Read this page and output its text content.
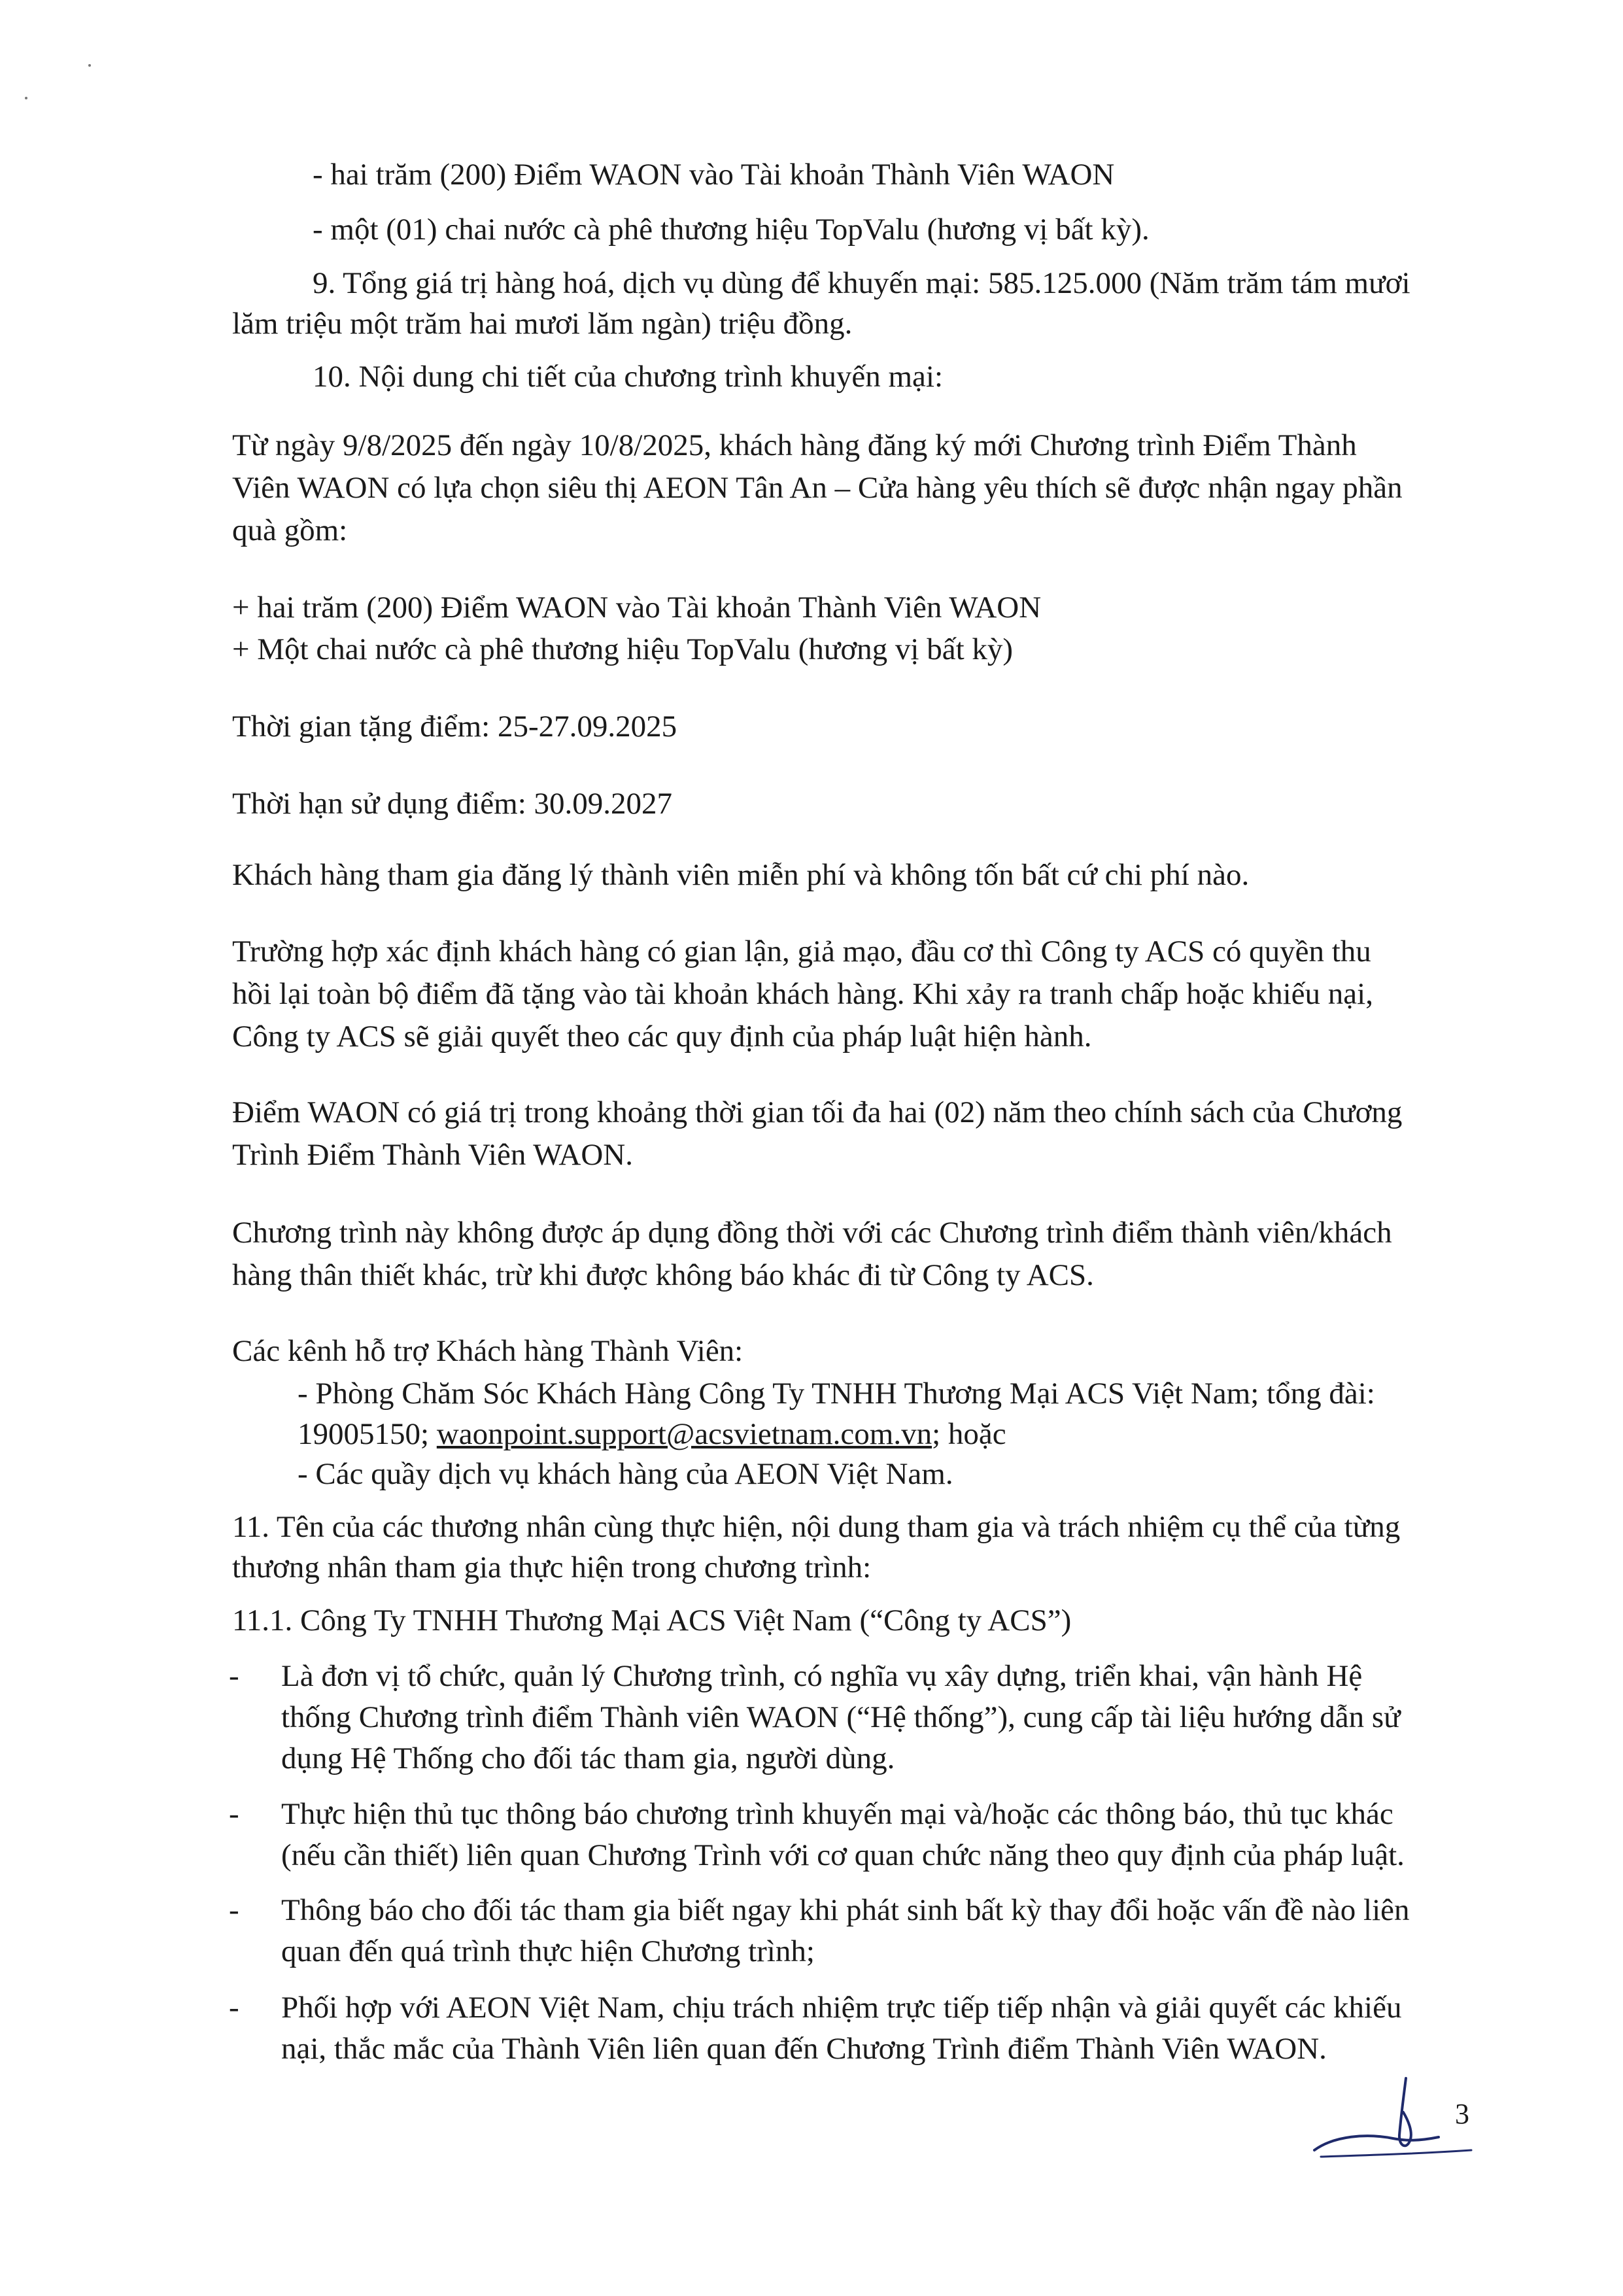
- hai trăm (200) Điểm WAON vào Tài khoản Thành Viên WAON

- một (01) chai nước cà phê thương hiệu TopValu (hương vị bất kỳ).

9. Tổng giá trị hàng hoá, dịch vụ dùng để khuyến mại: 585.125.000 (Năm trăm tám mươi

lăm triệu một trăm hai mươi lăm ngàn) triệu đồng.

10. Nội dung chi tiết của chương trình khuyến mại:

Từ ngày 9/8/2025 đến ngày 10/8/2025, khách hàng đăng ký mới Chương trình Điểm Thành

Viên WAON có lựa chọn siêu thị AEON Tân An – Cửa hàng yêu thích sẽ được nhận ngay phần

quà gồm:

+ hai trăm (200) Điểm WAON vào Tài khoản Thành Viên WAON

+ Một chai nước cà phê thương hiệu TopValu (hương vị bất kỳ)

Thời gian tặng điểm: 25-27.09.2025

Thời hạn sử dụng điểm: 30.09.2027

Khách hàng tham gia đăng lý thành viên miễn phí và không tốn bất cứ chi phí nào.

Trường hợp xác định khách hàng có gian lận, giả mạo, đầu cơ thì Công ty ACS có quyền thu

hồi lại toàn bộ điểm đã tặng vào tài khoản khách hàng. Khi xảy ra tranh chấp hoặc khiếu nại,

Công ty ACS sẽ giải quyết theo các quy định của pháp luật hiện hành.

Điểm WAON có giá trị trong khoảng thời gian tối đa hai (02) năm theo chính sách của Chương

Trình Điểm Thành Viên WAON.

Chương trình này không được áp dụng đồng thời với các Chương trình điểm thành viên/khách

hàng thân thiết khác, trừ khi được không báo khác đi từ Công ty ACS.

Các kênh hỗ trợ Khách hàng Thành Viên:

- Phòng Chăm Sóc Khách Hàng Công Ty TNHH Thương Mại ACS Việt Nam; tổng đài:

19005150; waonpoint.support@acsvietnam.com.vn; hoặc

- Các quầy dịch vụ khách hàng của AEON Việt Nam.

11. Tên của các thương nhân cùng thực hiện, nội dung tham gia và trách nhiệm cụ thể của từng

thương nhân tham gia thực hiện trong chương trình:

11.1. Công Ty TNHH Thương Mại ACS Việt Nam (“Công ty ACS”)

- Là đơn vị tổ chức, quản lý Chương trình, có nghĩa vụ xây dựng, triển khai, vận hành Hệ
thống Chương trình điểm Thành viên WAON (“Hệ thống”), cung cấp tài liệu hướng dẫn sử
dụng Hệ Thống cho đối tác tham gia, người dùng.
- Thực hiện thủ tục thông báo chương trình khuyến mại và/hoặc các thông báo, thủ tục khác
(nếu cần thiết) liên quan Chương Trình với cơ quan chức năng theo quy định của pháp luật.
- Thông báo cho đối tác tham gia biết ngay khi phát sinh bất kỳ thay đổi hoặc vấn đề nào liên
quan đến quá trình thực hiện Chương trình;
- Phối hợp với AEON Việt Nam, chịu trách nhiệm trực tiếp tiếp nhận và giải quyết các khiếu
nại, thắc mắc của Thành Viên liên quan đến Chương Trình điểm Thành Viên WAON.
3
